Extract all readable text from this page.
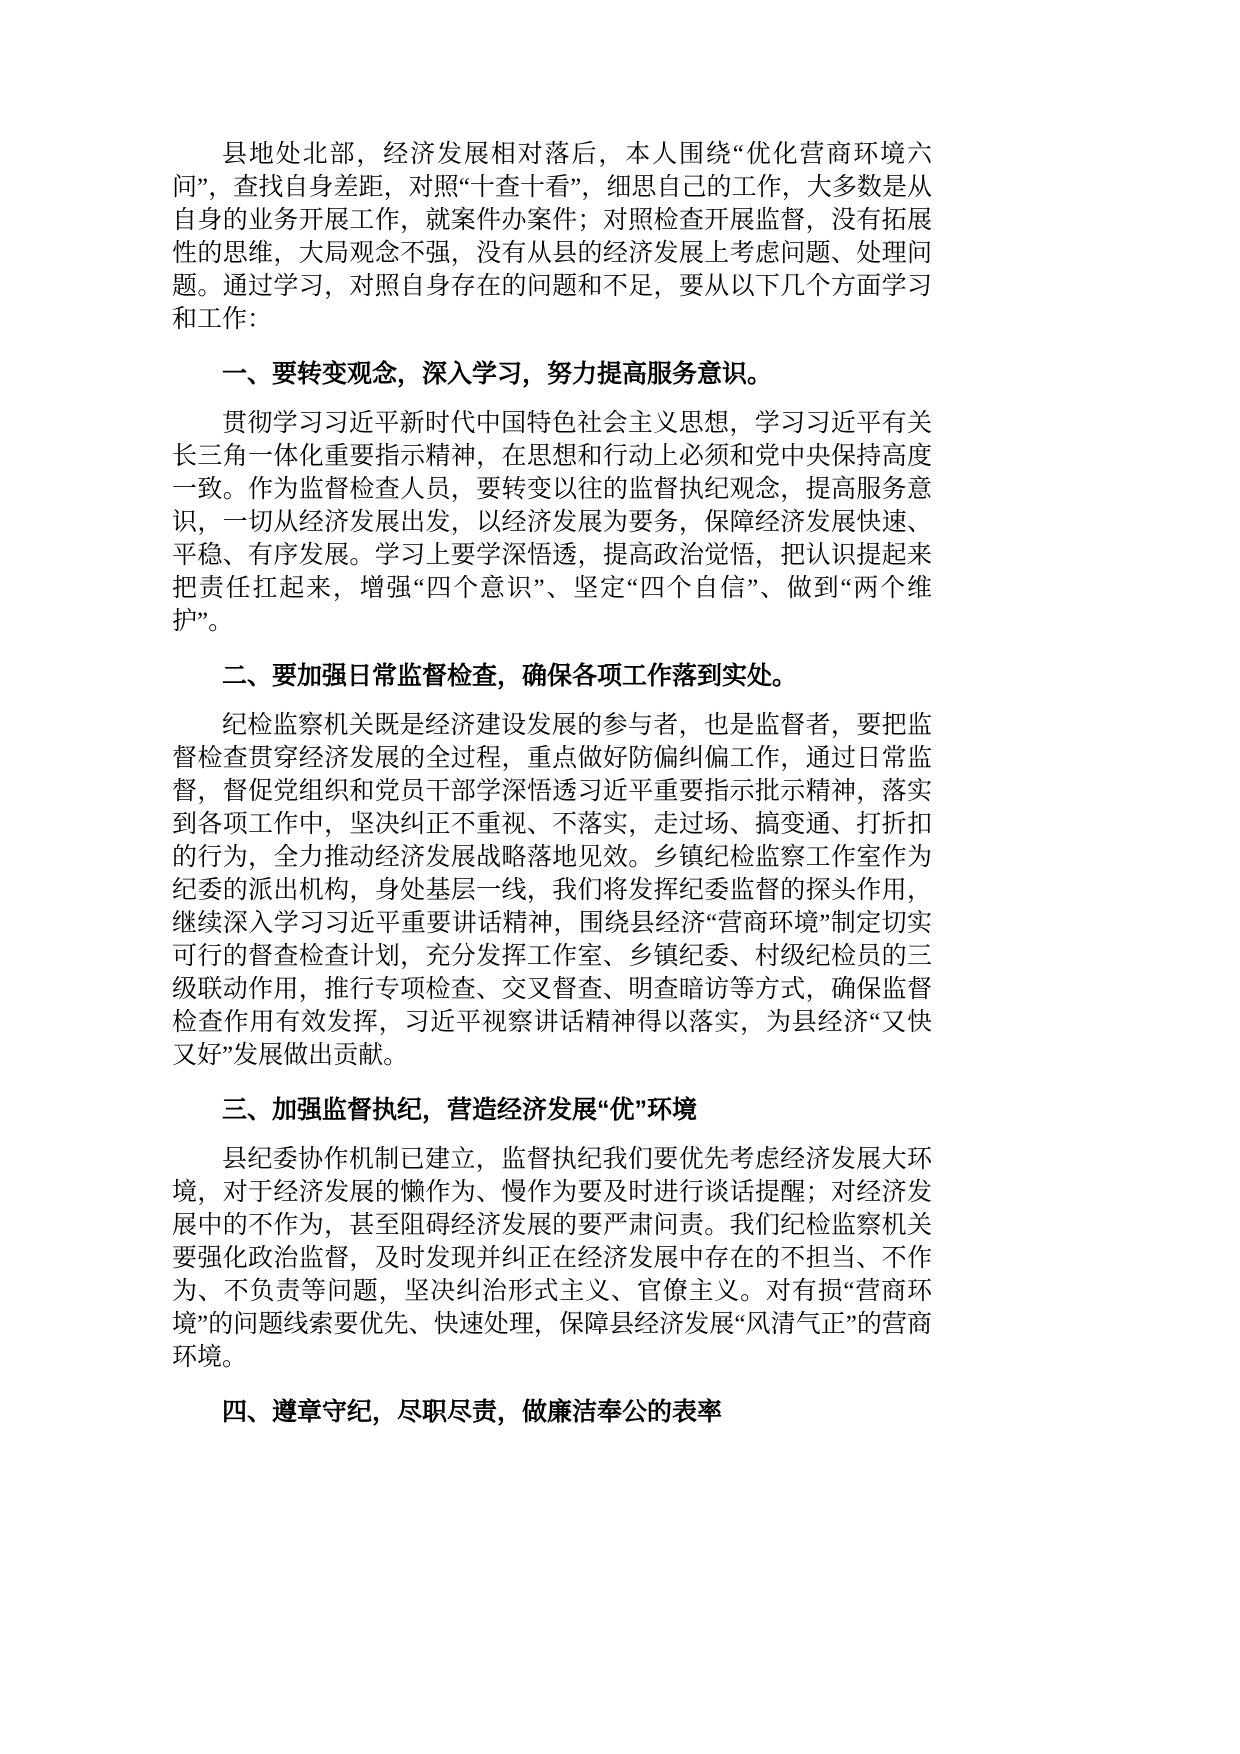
县地处北部，经济发展相对落后，本人围绕“优化营商环境六问”，查找自身差距，对照“十查十看”，细思自己的工作，大多数是从自身的业务开展工作，就案件办案件；对照检查开展监督，没有拓展性的思维，大局观念不强，没有从县的经济发展上考虑问题、处理问题。通过学习，对照自身存在的问题和不足，要从以下几个方面学习和工作：

一、要转变观念，深入学习，努力提高服务意识。

贯彻学习习近平新时代中国特色社会主义思想，学习习近平有关长三角一体化重要指示精神，在思想和行动上必须和党中央保持高度一致。作为监督检查人员，要转变以往的监督执纪观念，提高服务意识，一切从经济发展出发，以经济发展为要务，保障经济发展快速、平稳、有序发展。学习上要学深悟透，提高政治觉悟，把认识提起来把责任扛起来，增强“四个意识”、坚定“四个自信”、做到“两个维护”。

二、要加强日常监督检查，确保各项工作落到实处。

纪检监察机关既是经济建设发展的参与者，也是监督者，要把监督检查贯穿经济发展的全过程，重点做好防偏纠偏工作，通过日常监督，督促党组织和党员干部学深悟透习近平重要指示批示精神，落实到各项工作中，坚决纠正不重视、不落实，走过场、搞变通、打折扣的行为，全力推动经济发展战略落地见效。乡镇纪检监察工作室作为纪委的派出机构，身处基层一线，我们将发挥纪委监督的探头作用，继续深入学习习近平重要讲话精神，围绕县经济“营商环境”制定切实可行的督查检查计划，充分发挥工作室、乡镇纪委、村级纪检员的三级联动作用，推行专项检查、交叉督查、明查暗访等方式，确保监督检查作用有效发挥，习近平视察讲话精神得以落实，为县经济“又快又好”发展做出贡献。

三、加强监督执纪，营造经济发展“优”环境

县纪委协作机制已建立，监督执纪我们要优先考虑经济发展大环境，对于经济发展的懒作为、慢作为要及时进行谈话提醒；对经济发展中的不作为，甚至阻碍经济发展的要严肃问责。我们纪检监察机关要强化政治监督，及时发现并纠正在经济发展中存在的不担当、不作为、不负责等问题，坚决纠治形式主义、官僚主义。对有损“营商环境”的问题线索要优先、快速处理，保障县经济发展“风清气正”的营商环境。

四、遵章守纪，尽职尽责，做廉洁奉公的表率
